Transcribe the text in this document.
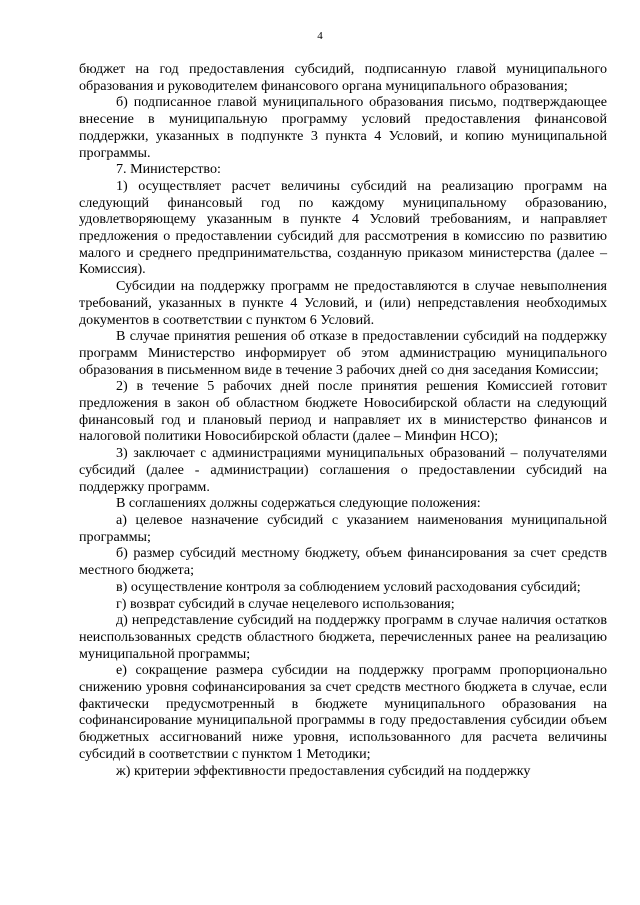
4

бюджет на год предоставления субсидий, подписанную главой муниципального образования и руководителем финансового органа муниципального образования;

б) подписанное главой муниципального образования письмо, подтверждающее внесение в муниципальную программу условий предоставления финансовой поддержки, указанных в подпункте 3 пункта 4 Условий, и копию муниципальной программы.

7. Министерство:

1) осуществляет расчет величины субсидий на реализацию программ на следующий финансовый год по каждому муниципальному образованию, удовлетворяющему указанным в пункте 4 Условий требованиям, и направляет предложения о предоставлении субсидий для рассмотрения в комиссию по развитию малого и среднего предпринимательства, созданную приказом министерства (далее – Комиссия).

Субсидии на поддержку программ не предоставляются в случае невыполнения требований, указанных в пункте 4 Условий, и (или) непредставления необходимых документов в соответствии с пунктом 6 Условий.

В случае принятия решения об отказе в предоставлении субсидий на поддержку программ Министерство информирует об этом администрацию муниципального образования в письменном виде в течение 3 рабочих дней со дня заседания Комиссии;

2) в течение 5 рабочих дней после принятия решения Комиссией готовит предложения в закон об областном бюджете Новосибирской области на следующий финансовый год и плановый период и направляет их в министерство финансов и налоговой политики Новосибирской области (далее – Минфин НСО);

3) заключает с администрациями муниципальных образований – получателями субсидий (далее - администрации) соглашения о предоставлении субсидий на поддержку программ.

В соглашениях должны содержаться следующие положения:

а) целевое назначение субсидий с указанием наименования муниципальной программы;

б) размер субсидий местному бюджету, объем финансирования за счет средств местного бюджета;

в) осуществление контроля за соблюдением условий расходования субсидий;

г) возврат субсидий в случае нецелевого использования;

д) непредставление субсидий на поддержку программ в случае наличия остатков неиспользованных средств областного бюджета, перечисленных ранее на реализацию муниципальной программы;

е) сокращение размера субсидии на поддержку программ пропорционально снижению уровня софинансирования за счет средств местного бюджета в случае, если фактически предусмотренный в бюджете муниципального образования на софинансирование муниципальной программы в году предоставления субсидии объем бюджетных ассигнований ниже уровня, использованного для расчета величины субсидий в соответствии с пунктом 1 Методики;

ж) критерии эффективности предоставления субсидий на поддержку
